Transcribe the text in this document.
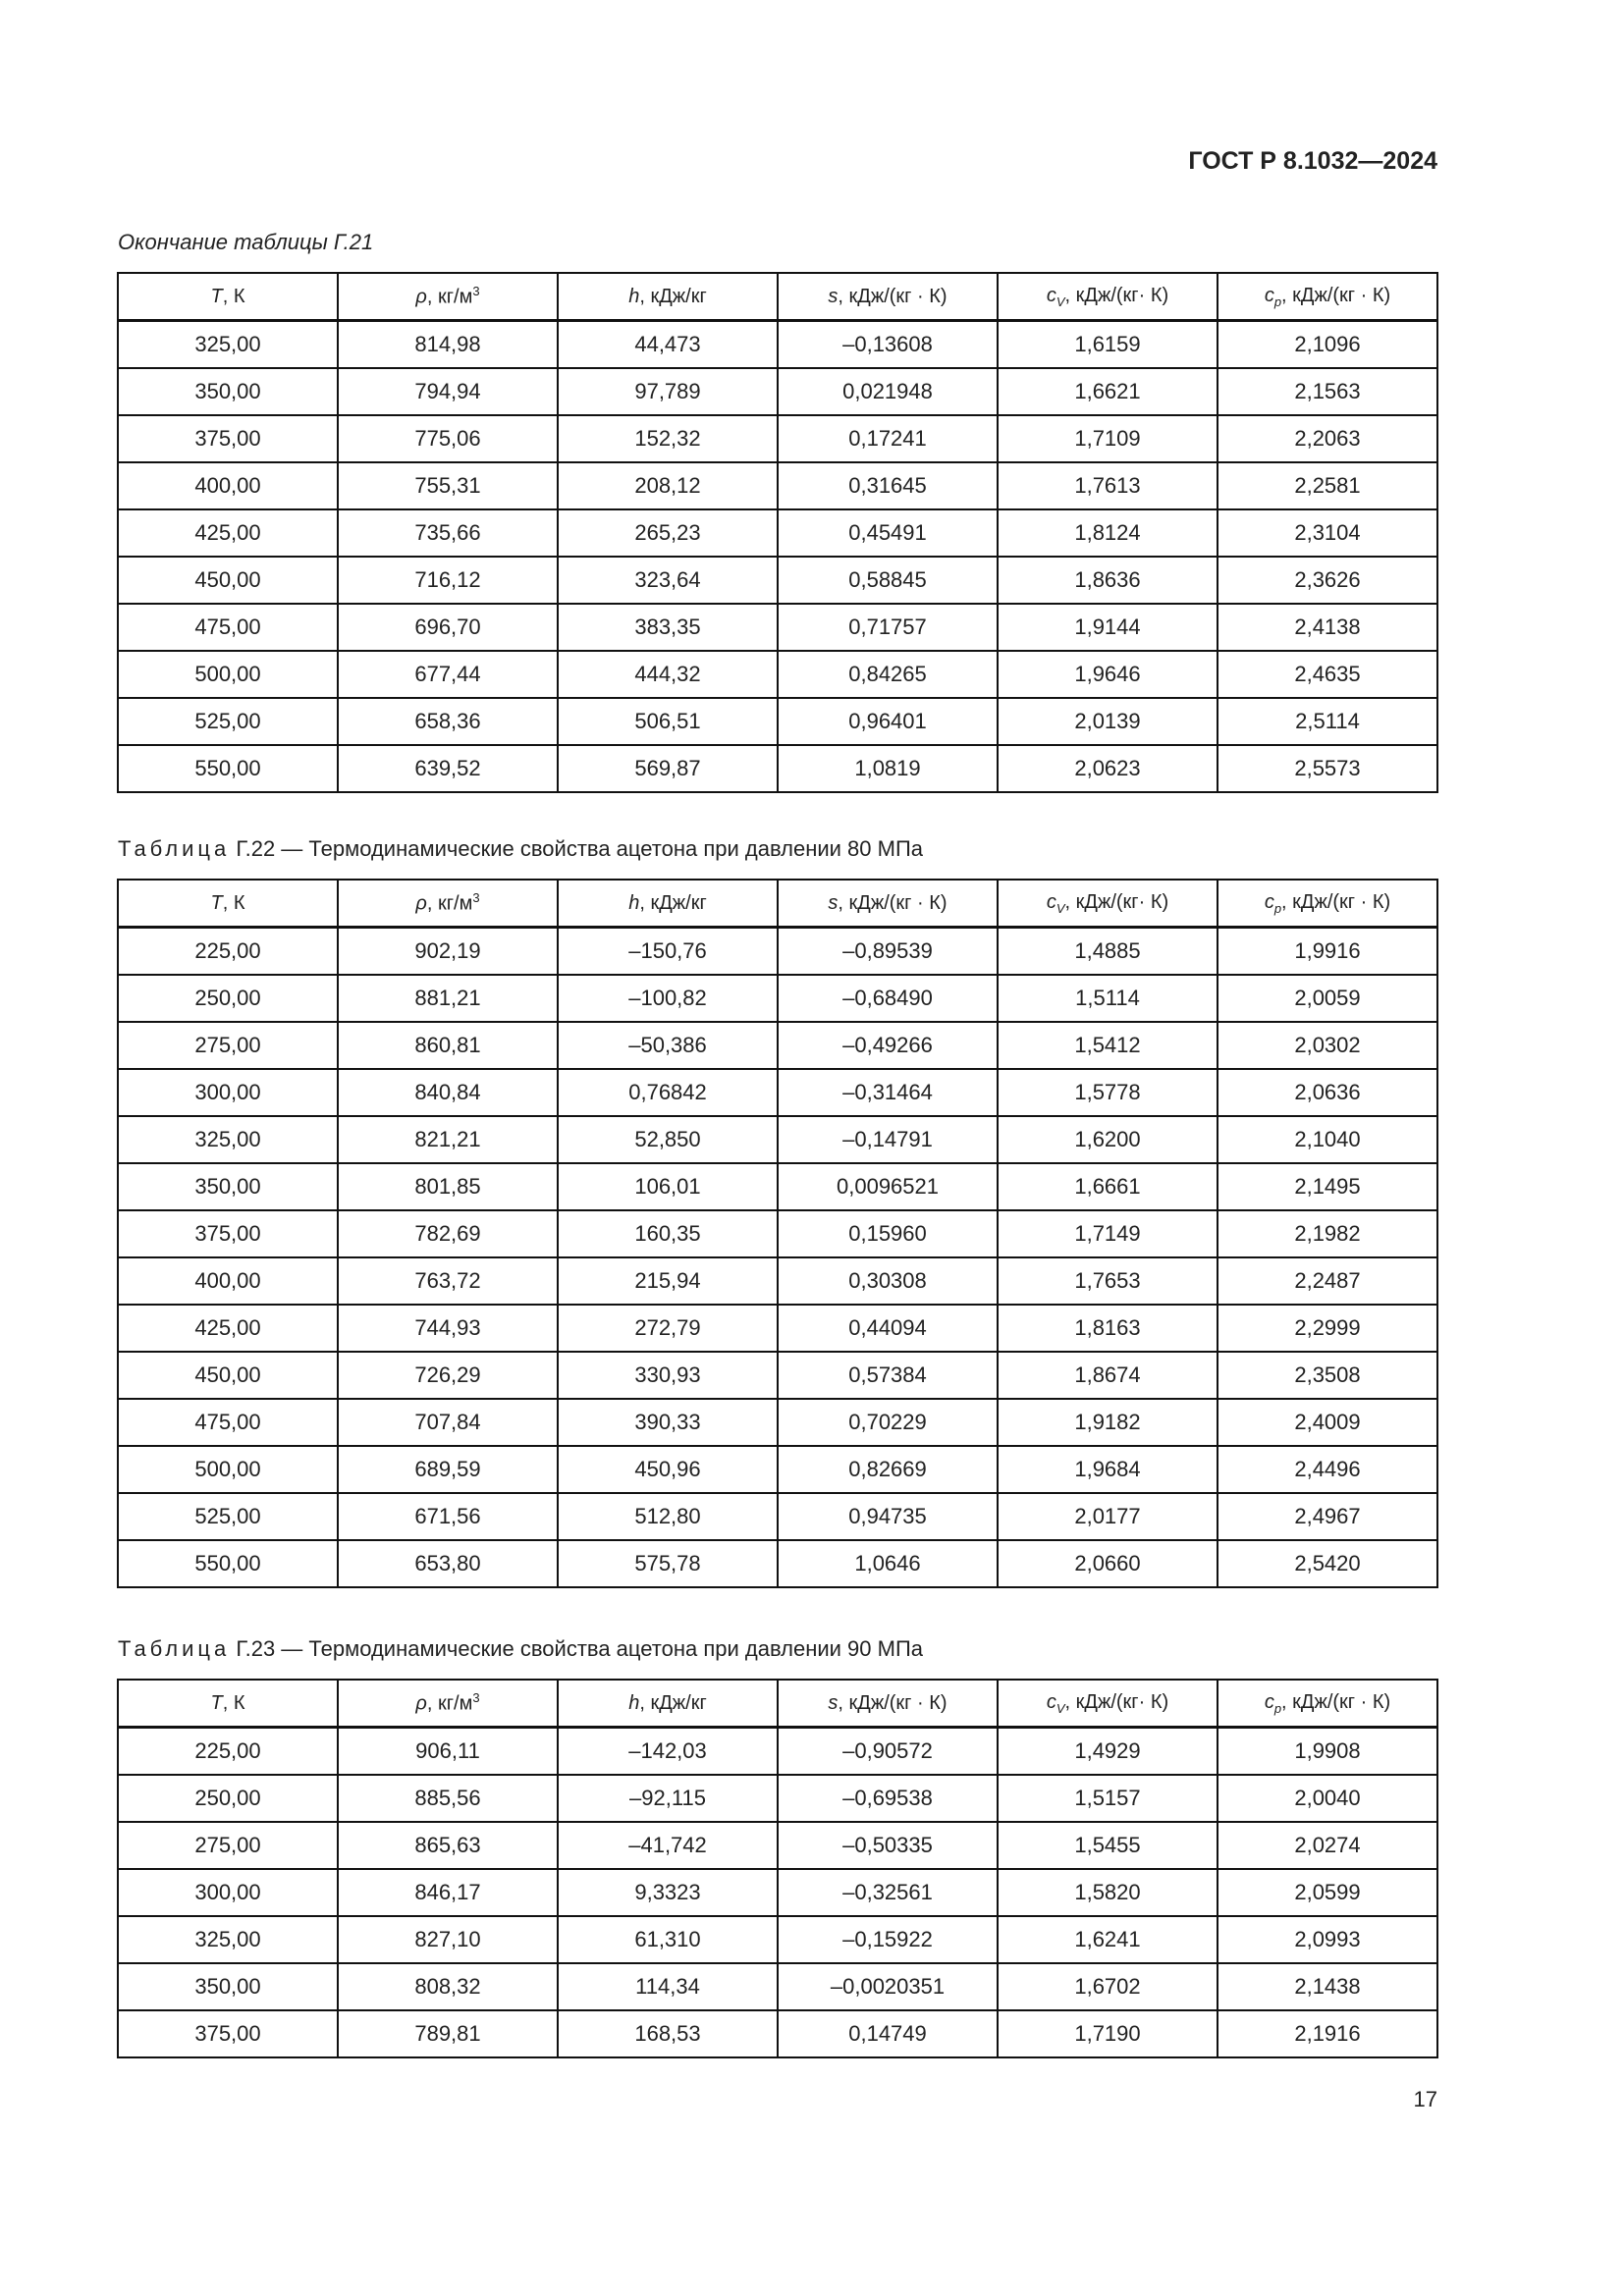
ГОСТ Р 8.1032—2024
Окончание таблицы Г.21
T, К	ρ, $кг/м^3$	h, кДж/кг	s, кДж/(кг · К)	$c_V$, кДж/(кг· К)	$c_p$, кДж/(кг · К)
325,00	814,98	44,473	–0,13608	1,6159	2,1096
350,00	794,94	97,789	0,021948	1,6621	2,1563
375,00	775,06	152,32	0,17241	1,7109	2,2063
400,00	755,31	208,12	0,31645	1,7613	2,2581
425,00	735,66	265,23	0,45491	1,8124	2,3104
450,00	716,12	323,64	0,58845	1,8636	2,3626
475,00	696,70	383,35	0,71757	1,9144	2,4138
500,00	677,44	444,32	0,84265	1,9646	2,4635
525,00	658,36	506,51	0,96401	2,0139	2,5114
550,00	639,52	569,87	1,0819	2,0623	2,5573
Таблица Г.22 — Термодинамические свойства ацетона при давлении 80 МПа
T, К	ρ, $кг/м^3$	h, кДж/кг	s, кДж/(кг · К)	$c_V$, кДж/(кг· К)	$c_p$, кДж/(кг · К)
225,00	902,19	–150,76	–0,89539	1,4885	1,9916
250,00	881,21	–100,82	–0,68490	1,5114	2,0059
275,00	860,81	–50,386	–0,49266	1,5412	2,0302
300,00	840,84	0,76842	–0,31464	1,5778	2,0636
325,00	821,21	52,850	–0,14791	1,6200	2,1040
350,00	801,85	106,01	0,0096521	1,6661	2,1495
375,00	782,69	160,35	0,15960	1,7149	2,1982
400,00	763,72	215,94	0,30308	1,7653	2,2487
425,00	744,93	272,79	0,44094	1,8163	2,2999
450,00	726,29	330,93	0,57384	1,8674	2,3508
475,00	707,84	390,33	0,70229	1,9182	2,4009
500,00	689,59	450,96	0,82669	1,9684	2,4496
525,00	671,56	512,80	0,94735	2,0177	2,4967
550,00	653,80	575,78	1,0646	2,0660	2,5420
Таблица Г.23 — Термодинамические свойства ацетона при давлении 90 МПа
T, К	ρ, $кг/м^3$	h, кДж/кг	s, кДж/(кг · К)	$c_V$, кДж/(кг· К)	$c_p$, кДж/(кг · К)
225,00	906,11	–142,03	–0,90572	1,4929	1,9908
250,00	885,56	–92,115	–0,69538	1,5157	2,0040
275,00	865,63	–41,742	–0,50335	1,5455	2,0274
300,00	846,17	9,3323	–0,32561	1,5820	2,0599
325,00	827,10	61,310	–0,15922	1,6241	2,0993
350,00	808,32	114,34	–0,0020351	1,6702	2,1438
375,00	789,81	168,53	0,14749	1,7190	2,1916
17
